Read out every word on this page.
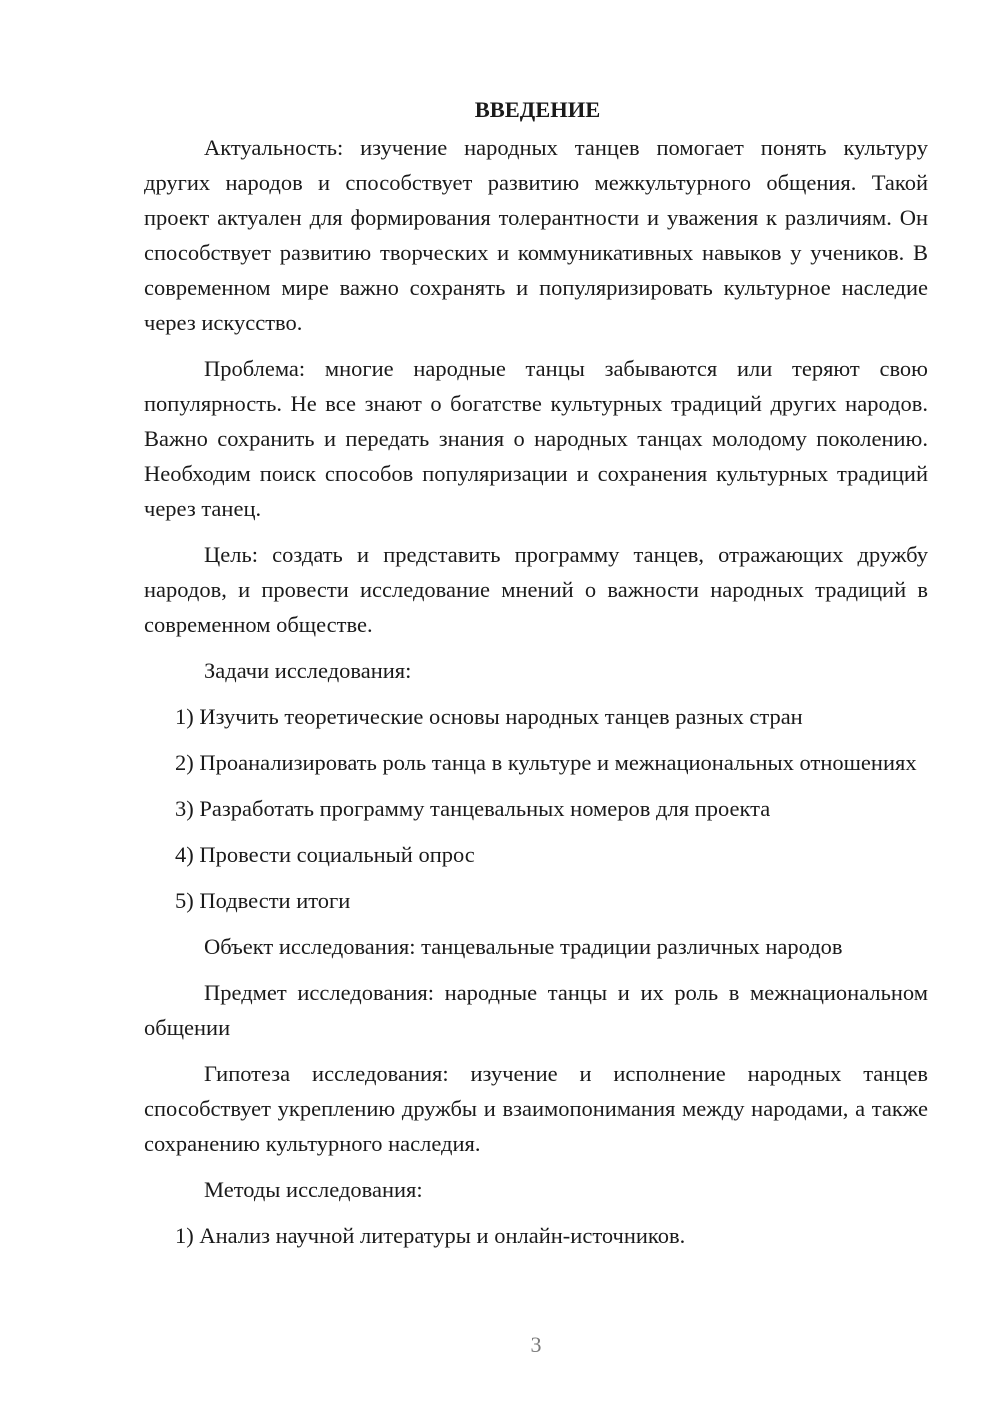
ВВЕДЕНИЕ

Актуальность: изучение народных танцев помогает понять культуру других народов и способствует развитию межкультурного общения. Такой проект актуален для формирования толерантности и уважения к различиям. Он способствует развитию творческих и коммуникативных навыков у учеников. В современном мире важно сохранять и популяризировать культурное наследие через искусство.

Проблема: многие народные танцы забываются или теряют свою популярность. Не все знают о богатстве культурных традиций других народов. Важно сохранить и передать знания о народных танцах молодому поколению. Необходим поиск способов популяризации и сохранения культурных традиций через танец.

Цель: создать и представить программу танцев, отражающих дружбу народов, и провести исследование мнений о важности народных традиций в современном обществе.

Задачи исследования:

1) Изучить теоретические основы народных танцев разных стран

2) Проанализировать роль танца в культуре и межнациональных отношениях

3) Разработать программу танцевальных номеров для проекта

4) Провести социальный опрос

5) Подвести итоги

Объект исследования: танцевальные традиции различных народов

Предмет исследования: народные танцы и их роль в межнациональном общении

Гипотеза исследования: изучение и исполнение народных танцев способствует укреплению дружбы и взаимопонимания между народами, а также сохранению культурного наследия.

Методы исследования:

1) Анализ научной литературы и онлайн-источников.

3
